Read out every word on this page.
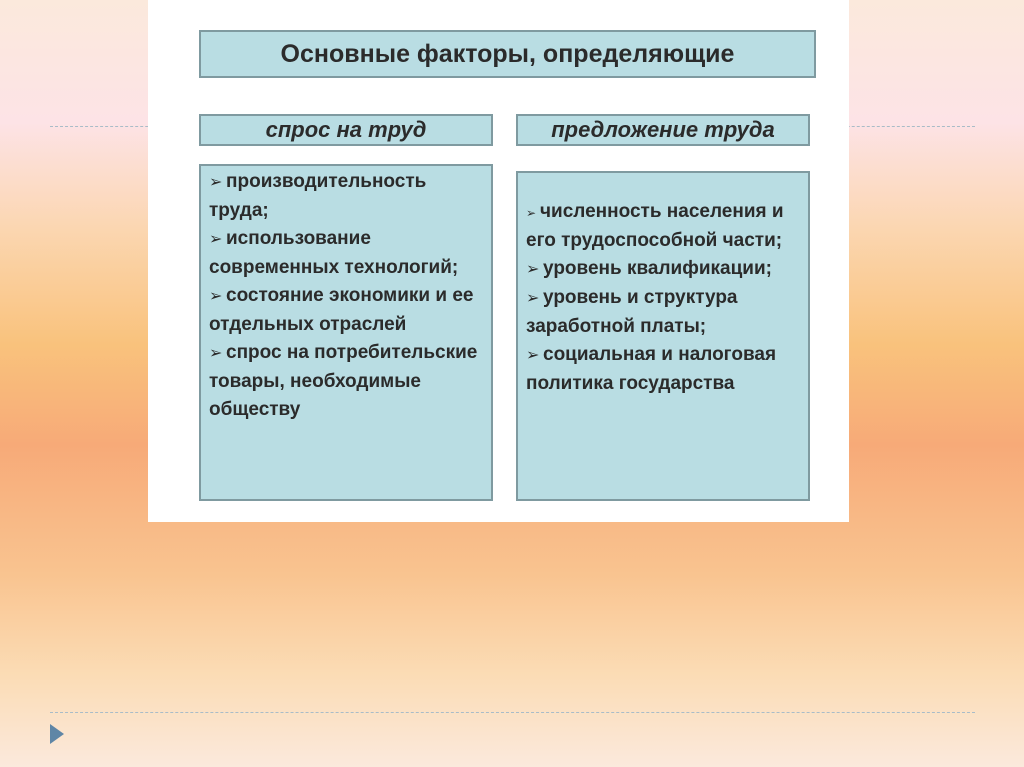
Основные факторы, определяющие
спрос на труд	предложение труда
➢ производительность труда;
➢ использование современных технологий;
➢ состояние экономики и ее отдельных отраслей
➢ спрос на потребительские товары, необходимые обществу
➢ численность населения и его трудоспособной части;
➢ уровень квалификации;
➢ уровень и структура заработной платы;
➢ социальная и налоговая политика государства
